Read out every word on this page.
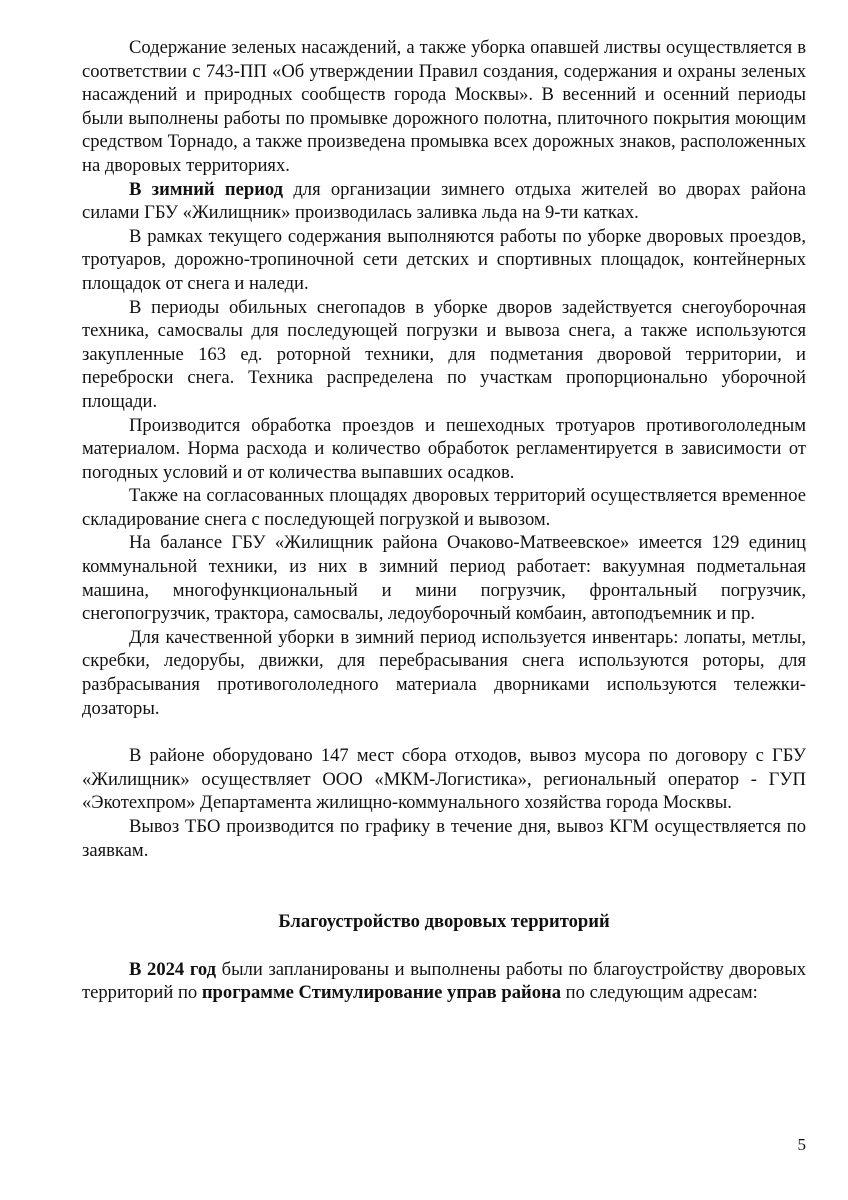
Содержание зеленых насаждений, а также уборка опавшей листвы осуществляется в соответствии с 743-ПП «Об утверждении Правил создания, содержания и охраны зеленых насаждений и природных сообществ города Москвы». В весенний и осенний периоды были выполнены работы по промывке дорожного полотна, плиточного покрытия моющим средством Торнадо, а также произведена промывка всех дорожных знаков, расположенных на дворовых территориях.

В зимний период для организации зимнего отдыха жителей во дворах района силами ГБУ «Жилищник» производилась заливка льда на 9-ти катках.

В рамках текущего содержания выполняются работы по уборке дворовых проездов, тротуаров, дорожно-тропиночной сети детских и спортивных площадок, контейнерных площадок от снега и наледи.

В периоды обильных снегопадов в уборке дворов задействуется снегоуборочная техника, самосвалы для последующей погрузки и вывоза снега, а также используются закупленные 163 ед. роторной техники, для подметания дворовой территории, и переброски снега. Техника распределена по участкам пропорционально уборочной площади.

Производится обработка проездов и пешеходных тротуаров противогололедным материалом. Норма расхода и количество обработок регламентируется в зависимости от погодных условий и от количества выпавших осадков.

Также на согласованных площадях дворовых территорий осуществляется временное складирование снега с последующей погрузкой и вывозом.

На балансе ГБУ «Жилищник района Очаково-Матвеевское» имеется 129 единиц коммунальной техники, из них в зимний период работает: вакуумная подметальная машина, многофункциональный и мини погрузчик, фронтальный погрузчик, снегопогрузчик, трактора, самосвалы, ледоуборочный комбаин, автоподъемник и пр.

Для качественной уборки в зимний период используется инвентарь: лопаты, метлы, скребки, ледорубы, движки, для перебрасывания снега используются роторы, для разбрасывания противогололедного материала дворниками используются тележки-дозаторы.

В районе оборудовано 147 мест сбора отходов, вывоз мусора по договору с ГБУ «Жилищник» осуществляет ООО «МКМ-Логистика», региональный оператор - ГУП «Экотехпром» Департамента жилищно-коммунального хозяйства города Москвы.

Вывоз ТБО производится по графику в течение дня, вывоз КГМ осуществляется по заявкам.

Благоустройство дворовых территорий

В 2024 год были запланированы и выполнены работы по благоустройству дворовых территорий по программе Стимулирование управ района по следующим адресам:

5
